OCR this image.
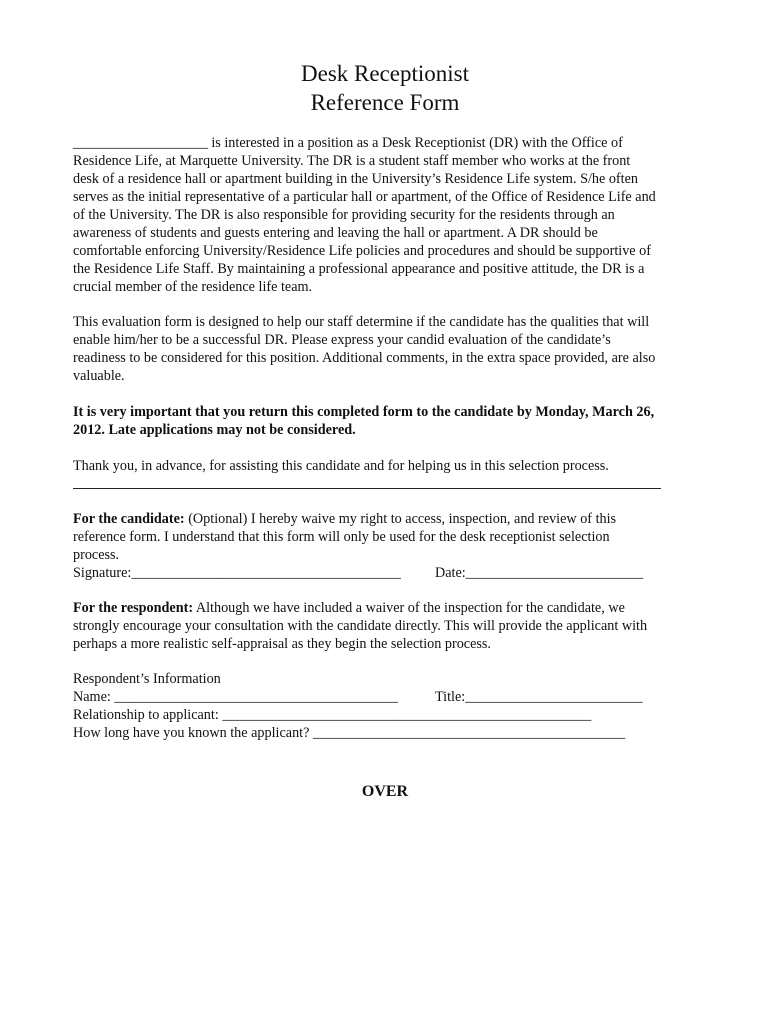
Desk Receptionist
Reference Form
___________________ is interested in a position as a Desk Receptionist (DR) with the Office of
Residence Life, at Marquette University. The DR is a student staff member who works at the front
desk of a residence hall or apartment building in the University’s Residence Life system. S/he often
serves as the initial representative of a particular hall or apartment, of the Office of Residence Life and
of the University. The DR is also responsible for providing security for the residents through an
awareness of students and guests entering and leaving the hall or apartment. A DR should be
comfortable enforcing University/Residence Life policies and procedures and should be supportive of
the Residence Life Staff. By maintaining a professional appearance and positive attitude, the DR is a
crucial member of the residence life team.
This evaluation form is designed to help our staff determine if the candidate has the qualities that will
enable him/her to be a successful DR. Please express your candid evaluation of the candidate’s
readiness to be considered for this position. Additional comments, in the extra space provided, are also
valuable.
It is very important that you return this completed form to the candidate by Monday, March 26,
2012. Late applications may not be considered.
Thank you, in advance, for assisting this candidate and for helping us in this selection process.
For the candidate: (Optional) I hereby waive my right to access, inspection, and review of this
reference form. I understand that this form will only be used for the desk receptionist selection
process.
Signature:______________________________________ Date:_________________________
For the respondent: Although we have included a waiver of the inspection for the candidate, we
strongly encourage your consultation with the candidate directly. This will provide the applicant with
perhaps a more realistic self-appraisal as they begin the selection process.
Respondent’s Information
Name: ________________________________________	Title:_________________________
Relationship to applicant: ____________________________________________________
How long have you known the applicant? ____________________________________________
OVER
